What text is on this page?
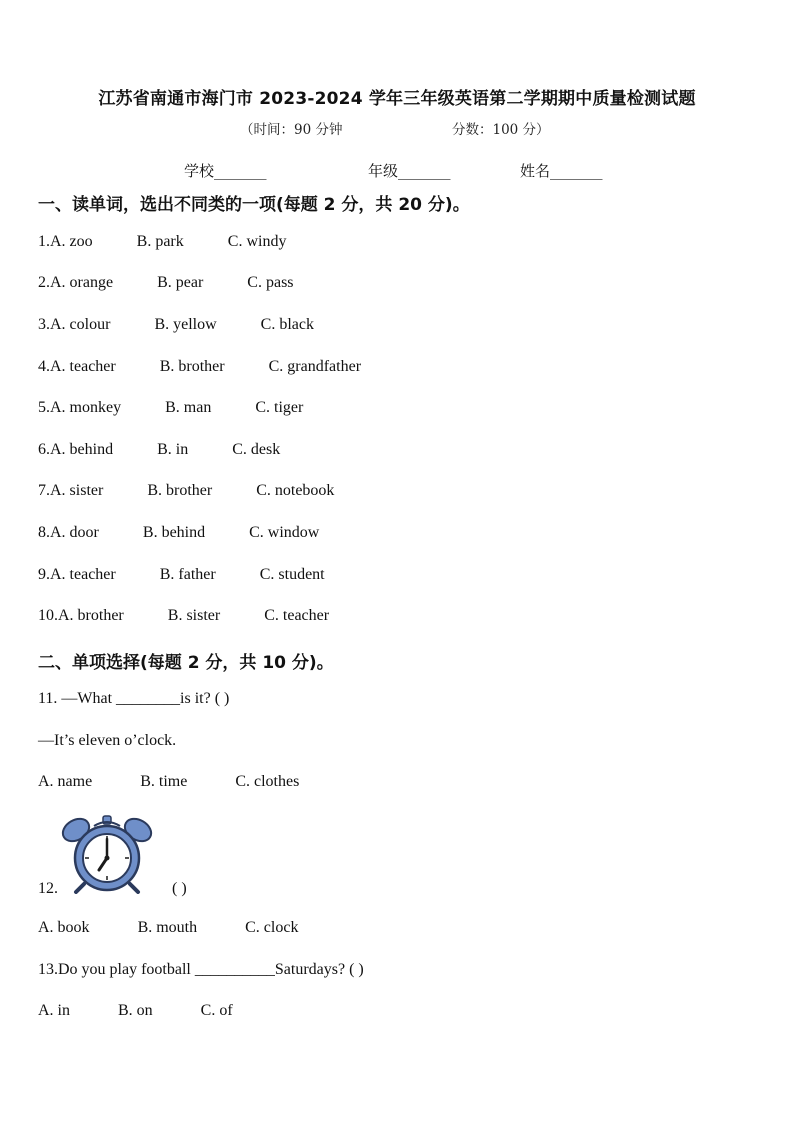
江苏省南通市海门市 2023-2024 学年三年级英语第二学期期中质量检测试题
（时间：90 分钟	分数：100 分）
学校_______	年级_______	姓名_______
一、读单词，选出不同类的一项(每题 2 分，共 20 分)。
1.A. zoo	B. park	C. windy
2.A. orange	B. pear	C. pass
3.A. colour	B. yellow	C. black
4.A. teacher	B. brother	C. grandfather
5.A. monkey	B. man	C. tiger
6.A. behind	B. in	C. desk
7.A. sister	B. brother	C. notebook
8.A. door	B. behind	C. window
9.A. teacher	B. father	C. student
10.A. brother	B. sister	C. teacher
二、单项选择(每题 2 分，共 10 分)。
11. —What ________is it? ( )
—It’s eleven o’clock.
A. name	B. time	C. clothes
12.	( )
A. book	B. mouth	C. clock
13.Do you play football __________Saturdays? ( )
A. in	B. on	C. of
